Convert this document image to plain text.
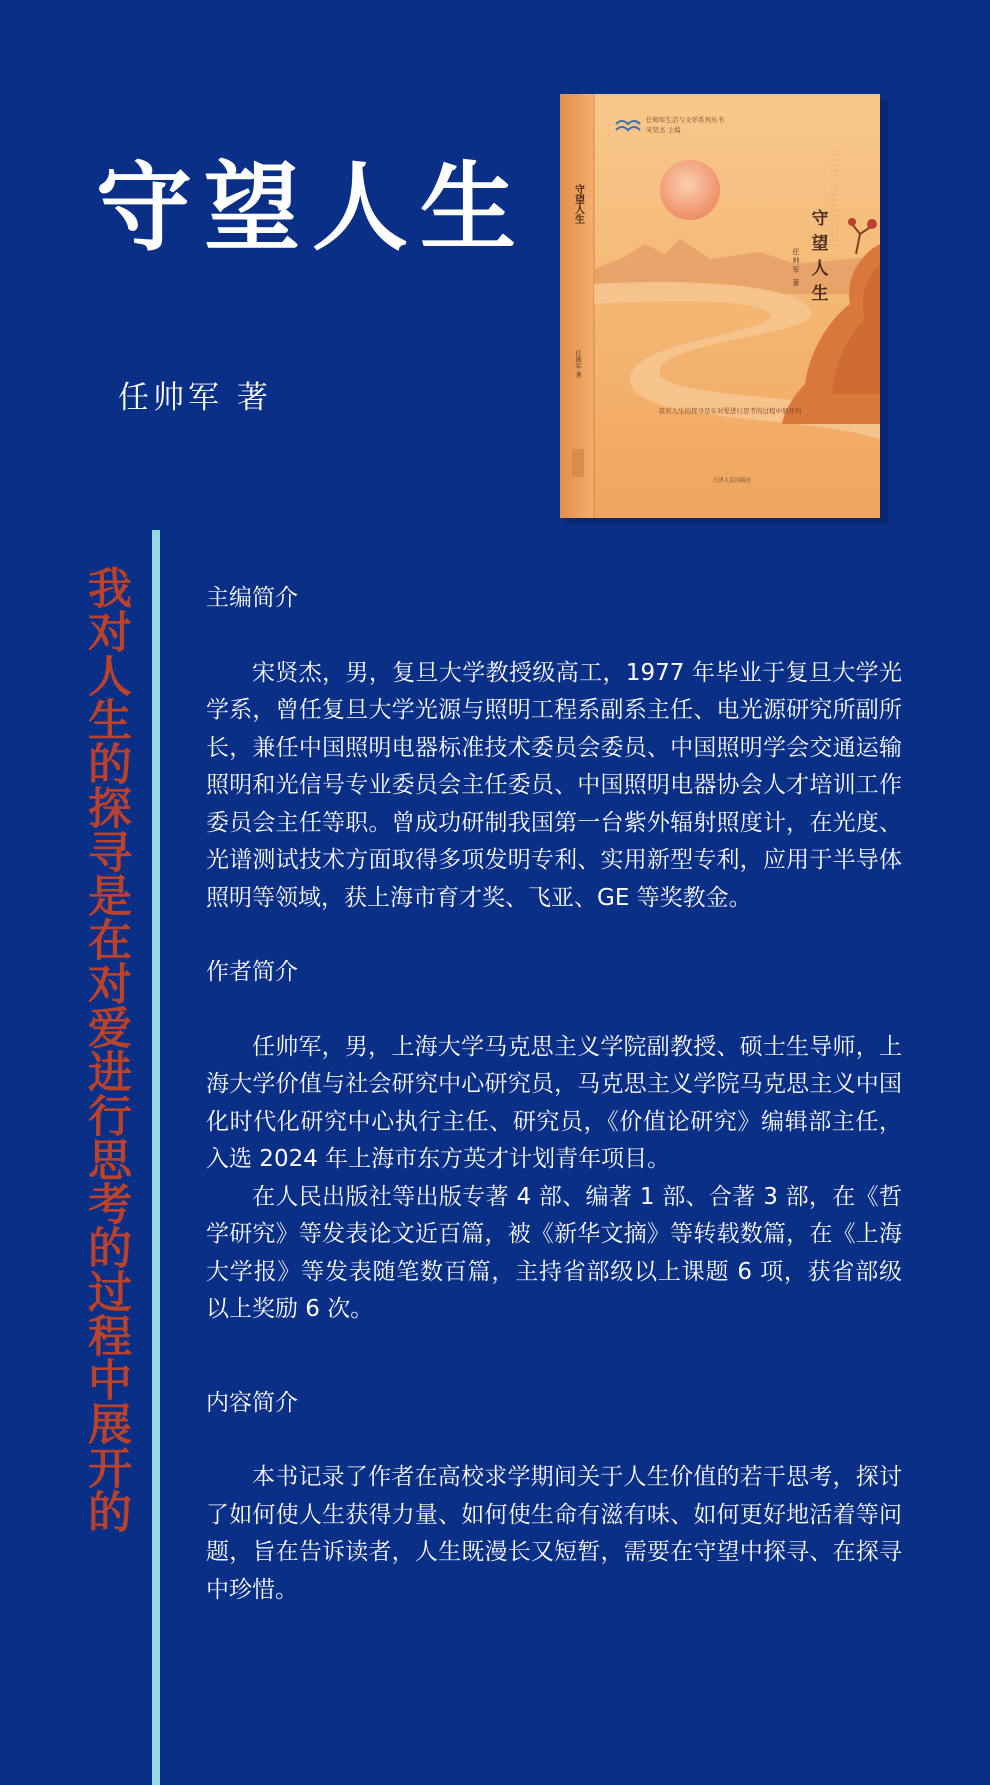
守望人生
任帅军 著
任帅军生活与文学系列丛书
宋贤杰 主编
守
望
人
生
任
帅
军
著
守望人生
任帅军 著
我对人生的探寻是在对爱进行思考的过程中展开的
天津人民出版社
我对人生的探寻是在对爱进行思考的过程中展开的	主编简介

宋贤杰，男，复旦大学教授级高工，1977 年毕业于复旦大学光学系，曾任复旦大学光源与照明工程系副系主任、电光源研究所副所长，兼任中国照明电器标准技术委员会委员、中国照明学会交通运输照明和光信号专业委员会主任委员、中国照明电器协会人才培训工作委员会主任等职。曾成功研制我国第一台紫外辐射照度计，在光度、光谱测试技术方面取得多项发明专利、实用新型专利，应用于半导体照明等领域，获上海市育才奖、飞亚、GE 等奖教金。

作者简介

任帅军，男，上海大学马克思主义学院副教授、硕士生导师，上海大学价值与社会研究中心研究员，马克思主义学院马克思主义中国化时代化研究中心执行主任、研究员，《价值论研究》编辑部主任，入选 2024 年上海市东方英才计划青年项目。

在人民出版社等出版专著 4 部、编著 1 部、合著 3 部，在《哲学研究》等发表论文近百篇，被《新华文摘》等转载数篇，在《上海大学报》等发表随笔数百篇，主持省部级以上课题 6 项，获省部级以上奖励 6 次。

内容简介

本书记录了作者在高校求学期间关于人生价值的若干思考，探讨了如何使人生获得力量、如何使生命有滋有味、如何更好地活着等问题，旨在告诉读者，人生既漫长又短暂，需要在守望中探寻、在探寻中珍惜。
